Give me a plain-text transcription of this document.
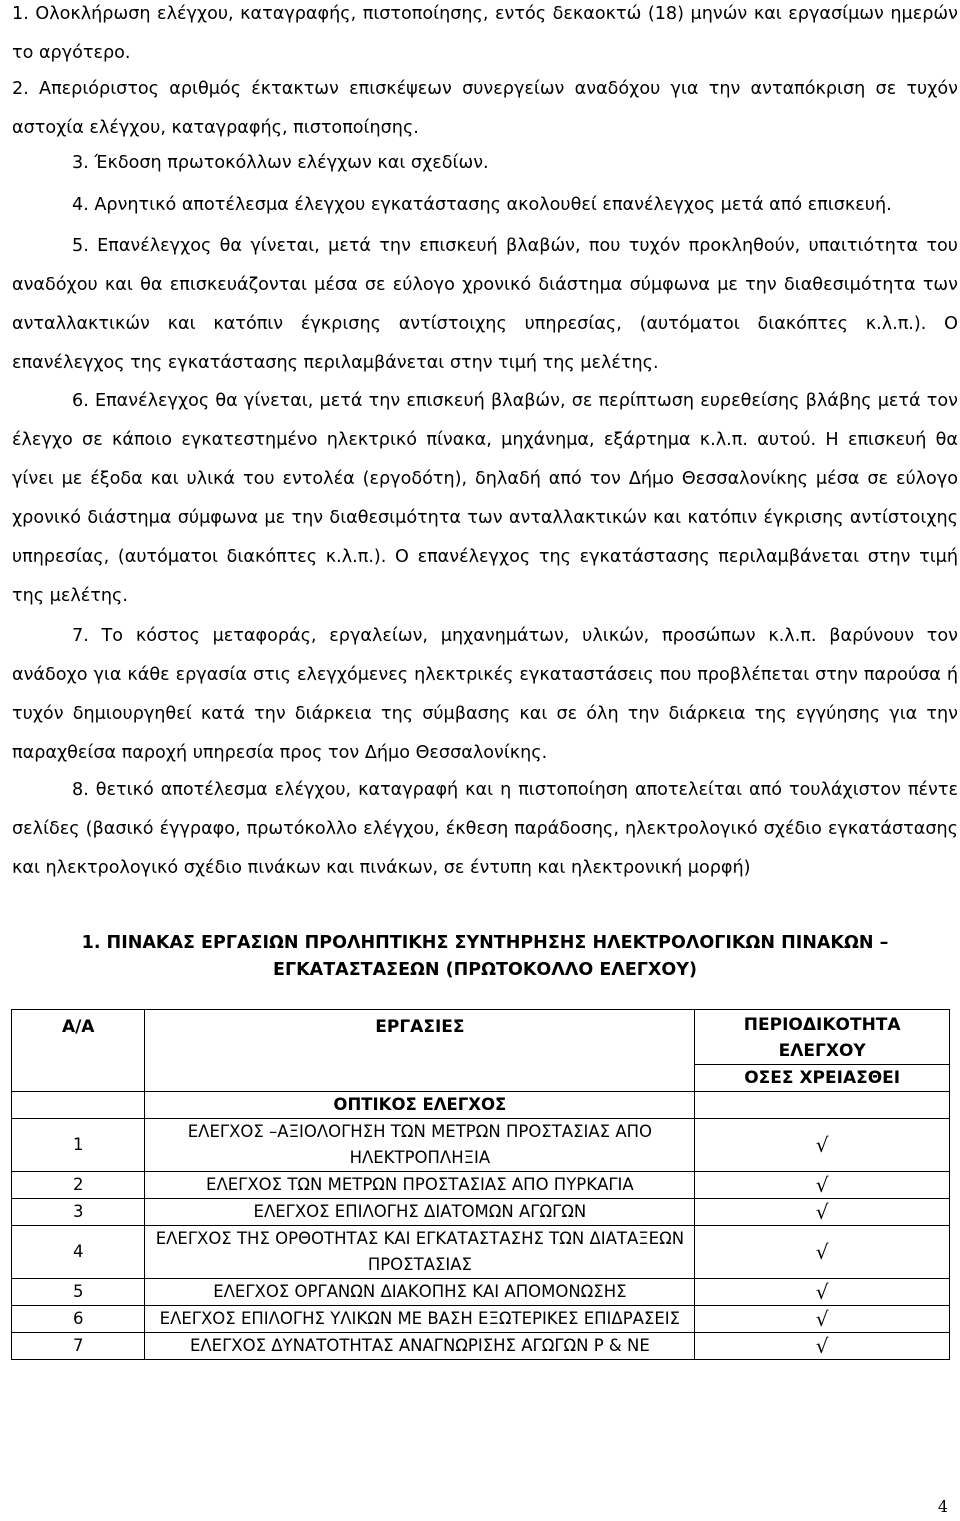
1. Ολοκλήρωση ελέγχου, καταγραφής, πιστοποίησης, εντός δεκαοκτώ (18) μηνών και εργασίμων ημερών το αργότερο.

2. Απεριόριστος αριθμός έκτακτων επισκέψεων συνεργείων αναδόχου για την ανταπόκριση σε τυχόν αστοχία ελέγχου, καταγραφής, πιστοποίησης.

3. Έκδοση πρωτοκόλλων ελέγχων και σχεδίων.

4. Αρνητικό αποτέλεσμα έλεγχου εγκατάστασης ακολουθεί επανέλεγχος μετά από επισκευή.

5. Επανέλεγχος θα γίνεται, μετά την επισκευή βλαβών, που τυχόν προκληθούν, υπαιτιότητα του αναδόχου και θα επισκευάζονται μέσα σε εύλογο χρονικό διάστημα σύμφωνα με την διαθεσιμότητα των ανταλλακτικών και κατόπιν έγκρισης αντίστοιχης υπηρεσίας, (αυτόματοι διακόπτες κ.λ.π.). Ο επανέλεγχος της εγκατάστασης περιλαμβάνεται στην τιμή της μελέτης.

6. Επανέλεγχος θα γίνεται, μετά την επισκευή βλαβών, σε περίπτωση ευρεθείσης βλάβης μετά τον έλεγχο σε κάποιο εγκατεστημένο ηλεκτρικό πίνακα, μηχάνημα, εξάρτημα κ.λ.π. αυτού. Η επισκευή θα γίνει με έξοδα και υλικά του εντολέα (εργοδότη), δηλαδή από τον Δήμο Θεσσαλονίκης μέσα σε εύλογο χρονικό διάστημα σύμφωνα με την διαθεσιμότητα των ανταλλακτικών και κατόπιν έγκρισης αντίστοιχης υπηρεσίας, (αυτόματοι διακόπτες κ.λ.π.). Ο επανέλεγχος της εγκατάστασης περιλαμβάνεται στην τιμή της μελέτης.

7. Το κόστος μεταφοράς, εργαλείων, μηχανημάτων, υλικών, προσώπων κ.λ.π. βαρύνουν τον ανάδοχο για κάθε εργασία στις ελεγχόμενες ηλεκτρικές εγκαταστάσεις που προβλέπεται στην παρούσα ή τυχόν δημιουργηθεί κατά την διάρκεια της σύμβασης και σε όλη την διάρκεια της εγγύησης για την παραχθείσα παροχή υπηρεσία προς τον Δήμο Θεσσαλονίκης.

8. θετικό αποτέλεσμα ελέγχου, καταγραφή και η πιστοποίηση αποτελείται από τουλάχιστον πέντε σελίδες (βασικό έγγραφο, πρωτόκολλο ελέγχου, έκθεση παράδοσης, ηλεκτρολογικό σχέδιο εγκατάστασης και ηλεκτρολογικό σχέδιο πινάκων και πινάκων, σε έντυπη και ηλεκτρονική μορφή)

1. ΠΙΝΑΚΑΣ ΕΡΓΑΣΙΩΝ ΠΡΟΛΗΠΤΙΚΗΣ ΣΥΝΤΗΡΗΣΗΣ ΗΛΕΚΤΡΟΛΟΓΙΚΩΝ ΠΙΝΑΚΩΝ –

ΕΓΚΑΤΑΣΤΑΣΕΩΝ (ΠΡΩΤΟΚΟΛΛΟ ΕΛΕΓΧΟΥ)

Α/Α	ΕΡΓΑΣΙΕΣ	ΠΕΡΙΟΔΙΚΟΤΗΤΑ ΕΛΕΓΧΟΥ
		ΟΣΕΣ ΧΡΕΙΑΣΘΕΙ
	ΟΠΤΙΚΟΣ ΕΛΕΓΧΟΣ	
1	ΕΛΕΓΧΟΣ –ΑΞΙΟΛΟΓΗΣΗ ΤΩΝ ΜΕΤΡΩΝ ΠΡΟΣΤΑΣΙΑΣ ΑΠΟ ΗΛΕΚΤΡΟΠΛΗΞΙΑ	√
2	ΕΛΕΓΧΟΣ ΤΩΝ ΜΕΤΡΩΝ ΠΡΟΣΤΑΣΙΑΣ ΑΠΟ ΠΥΡΚΑΓΙΑ	√
3	ΕΛΕΓΧΟΣ ΕΠΙΛΟΓΗΣ ΔΙΑΤΟΜΩΝ ΑΓΩΓΩΝ	√
4	ΕΛΕΓΧΟΣ ΤΗΣ ΟΡΘΟΤΗΤΑΣ ΚΑΙ ΕΓΚΑΤΑΣΤΑΣΗΣ ΤΩΝ ΔΙΑΤΑΞΕΩΝ ΠΡΟΣΤΑΣΙΑΣ	√
5	ΕΛΕΓΧΟΣ ΟΡΓΑΝΩΝ ΔΙΑΚΟΠΗΣ ΚΑΙ ΑΠΟΜΟΝΩΣΗΣ	√
6	ΕΛΕΓΧΟΣ ΕΠΙΛΟΓΗΣ ΥΛΙΚΩΝ ΜΕ ΒΑΣΗ ΕΞΩΤΕΡΙΚΕΣ ΕΠΙΔΡΑΣΕΙΣ	√
7	ΕΛΕΓΧΟΣ ΔΥΝΑΤΟΤΗΤΑΣ ΑΝΑΓΝΩΡΙΣΗΣ ΑΓΩΓΩΝ Ρ & ΝΕ	√
4
